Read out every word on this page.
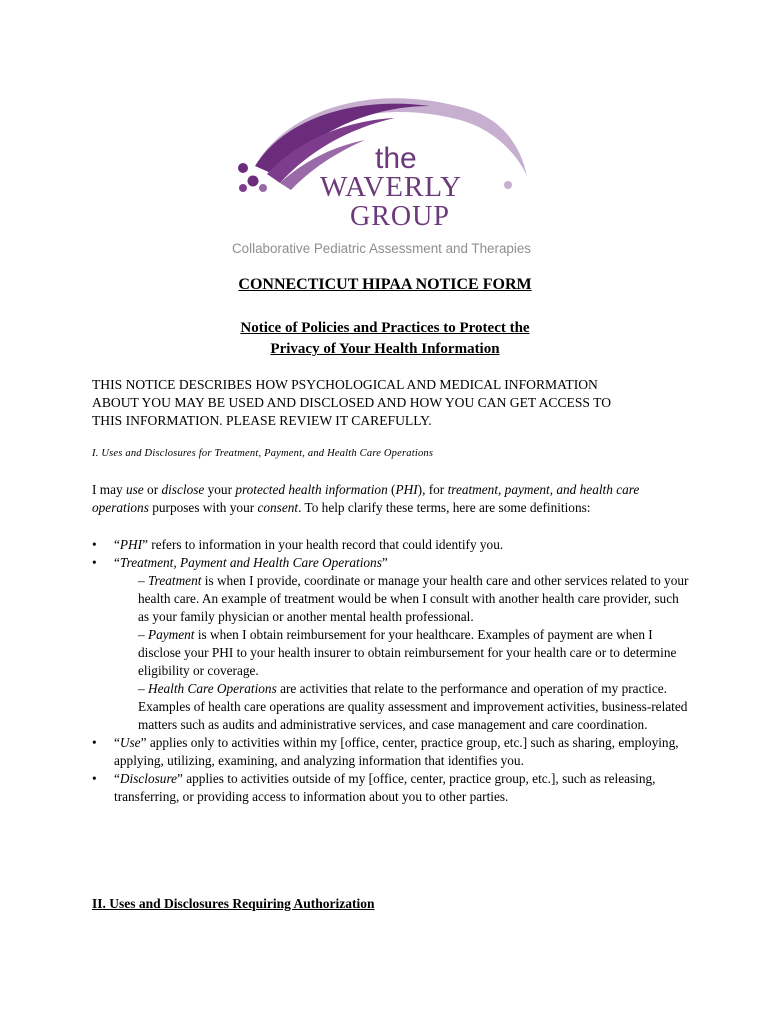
the
WAVERLY
GROUP
Collaborative Pediatric Assessment and Therapies
CONNECTICUT HIPAA NOTICE FORM
Notice of Policies and Practices to Protect the
Privacy of Your Health Information
THIS NOTICE DESCRIBES HOW PSYCHOLOGICAL AND MEDICAL INFORMATION
ABOUT YOU MAY BE USED AND DISCLOSED AND HOW YOU CAN GET ACCESS TO
THIS INFORMATION. PLEASE REVIEW IT CAREFULLY.
I. Uses and Disclosures for Treatment, Payment, and Health Care Operations
I may use or disclose your protected health information (PHI), for treatment, payment, and health care operations purposes with your consent. To help clarify these terms, here are some definitions:
• “PHI” refers to information in your health record that could identify you.
• “Treatment, Payment and Health Care Operations”
– Treatment is when I provide, coordinate or manage your health care and other services related to your health care. An example of treatment would be when I consult with another health care provider, such as your family physician or another mental health professional.
– Payment is when I obtain reimbursement for your healthcare. Examples of payment are when I disclose your PHI to your health insurer to obtain reimbursement for your health care or to determine eligibility or coverage.
– Health Care Operations are activities that relate to the performance and operation of my practice. Examples of health care operations are quality assessment and improvement activities, business-related matters such as audits and administrative services, and case management and care coordination.
• “Use” applies only to activities within my [office, center, practice group, etc.] such as sharing, employing, applying, utilizing, examining, and analyzing information that identifies you.
• “Disclosure” applies to activities outside of my [office, center, practice group, etc.], such as releasing, transferring, or providing access to information about you to other parties.
II. Uses and Disclosures Requiring Authorization
